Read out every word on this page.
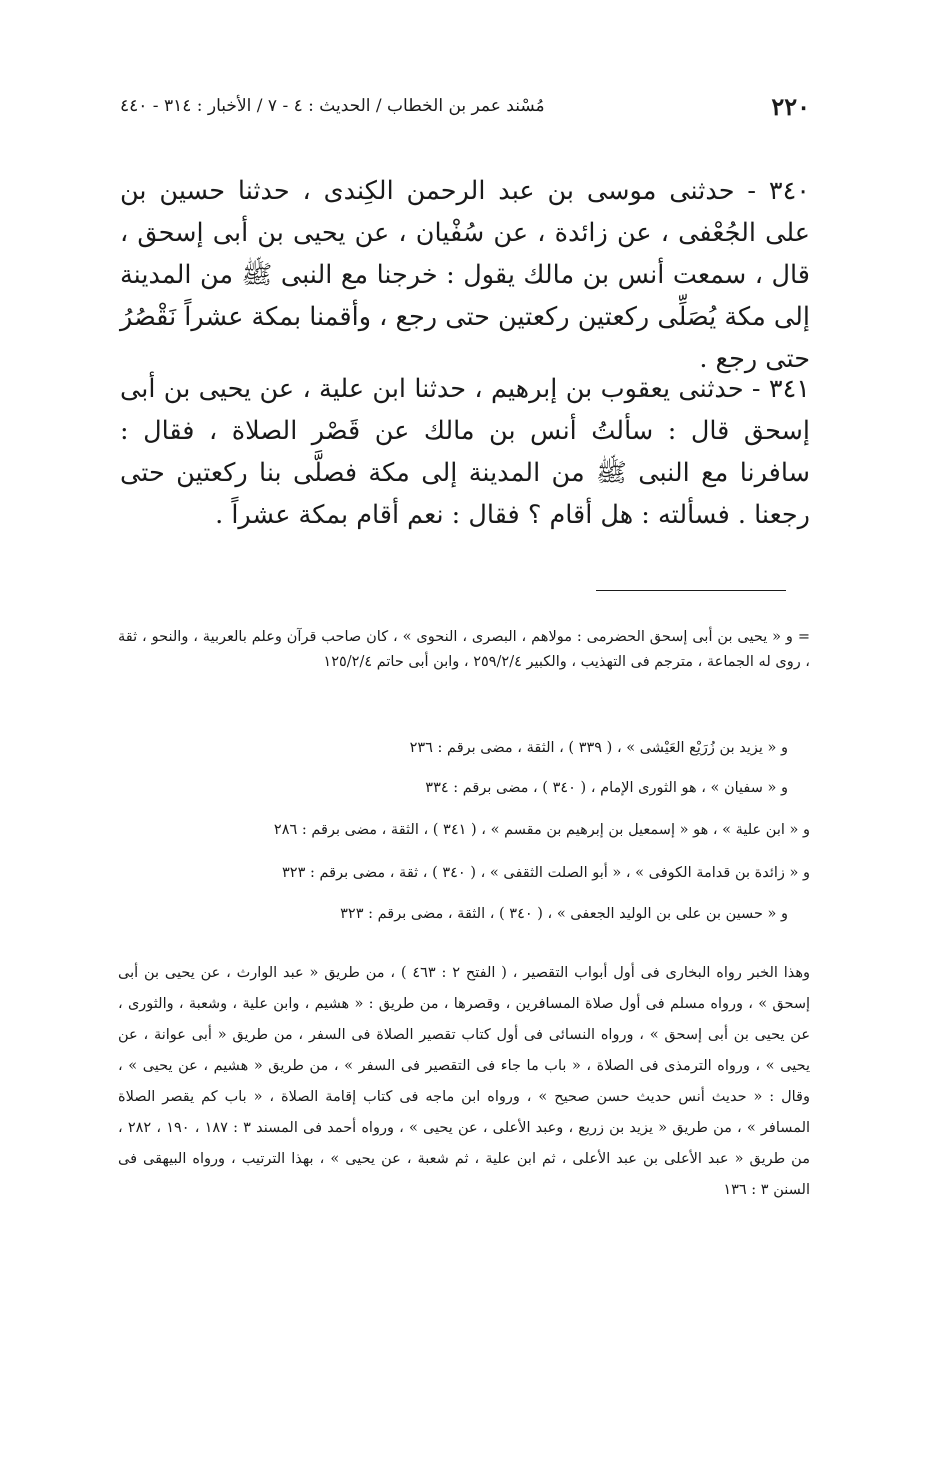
٢٢٠
مُسْند عمر بن الخطاب / الحديث : ٤ - ٧ / الأخبار : ٣١٤ - ٤٤٠

٣٤٠ - حدثنى موسى بن عبد الرحمن الكِندى ، حدثنا حسين بن على الجُعْفى ، عن زائدة ، عن سُفْيان ، عن يحيى بن أبى إسحق ، قال ، سمعت أنس بن مالك يقول : خرجنا مع النبى ﷺ من المدينة إلى مكة يُصَلِّى ركعتين ركعتين حتى رجع ، وأقمنا بمكة عشراً نَقْصُرُ حتى رجع .

٣٤١ - حدثنى يعقوب بن إبرهيم ، حدثنا ابن علية ، عن يحيى بن أبى إسحق قال : سألتُ أنس بن مالك عن قَصْر الصلاة ، فقال : سافرنا مع النبى ﷺ من المدينة إلى مكة فصلَّى بنا ركعتين حتى رجعنا . فسألته : هل أقام ؟ فقال : نعم أقام بمكة عشراً .

= و « يحيى بن أبى إسحق الحضرمى : مولاهم ، البصرى ، النحوى » ، كان صاحب قرآن وعلم بالعربية ، والنحو ، ثقة ، روى له الجماعة ، مترجم فى التهذيب ، والكبير ٢٥٩/٢/٤ ، وابن أبى حاتم ١٢٥/٢/٤

و « يزيد بن زُرَيْع العَيْشى » ، ( ٣٣٩ ) ، الثقة ، مضى برقم : ٢٣٦

و « سفيان » ، هو الثورى الإمام ، ( ٣٤٠ ) ، مضى برقم : ٣٣٤

و « ابن علية » ، هو « إسمعيل بن إبرهيم بن مقسم » ، ( ٣٤١ ) ، الثقة ، مضى برقم : ٢٨٦

و « زائدة بن قدامة الكوفى » ، « أبو الصلت الثقفى » ، ( ٣٤٠ ) ، ثقة ، مضى برقم : ٣٢٣

و « حسين بن على بن الوليد الجعفى » ، ( ٣٤٠ ) ، الثقة ، مضى برقم : ٣٢٣

وهذا الخبر رواه البخارى فى أول أبواب التقصير ، ( الفتح ٢ : ٤٦٣ ) ، من طريق « عبد الوارث ، عن يحيى بن أبى إسحق » ، ورواه مسلم فى أول صلاة المسافرين ، وقصرها ، من طريق : « هشيم ، وابن علية ، وشعبة ، والثورى ، عن يحيى بن أبى إسحق » ، ورواه النسائى فى أول كتاب تقصير الصلاة فى السفر ، من طريق « أبى عوانة ، عن يحيى » ، ورواه الترمذى فى الصلاة ، « باب ما جاء فى التقصير فى السفر » ، من طريق « هشيم ، عن يحيى » ، وقال : « حديث أنس حديث حسن صحيح » ، ورواه ابن ماجه فى كتاب إقامة الصلاة ، « باب كم يقصر الصلاة المسافر » ، من طريق « يزيد بن زريع ، وعبد الأعلى ، عن يحيى » ، ورواه أحمد فى المسند ٣ : ١٨٧ ، ١٩٠ ، ٢٨٢ ، من طريق « عبد الأعلى بن عبد الأعلى ، ثم ابن علية ، ثم شعبة ، عن يحيى » ، بهذا الترتيب ، ورواه البيهقى فى السنن ٣ : ١٣٦
